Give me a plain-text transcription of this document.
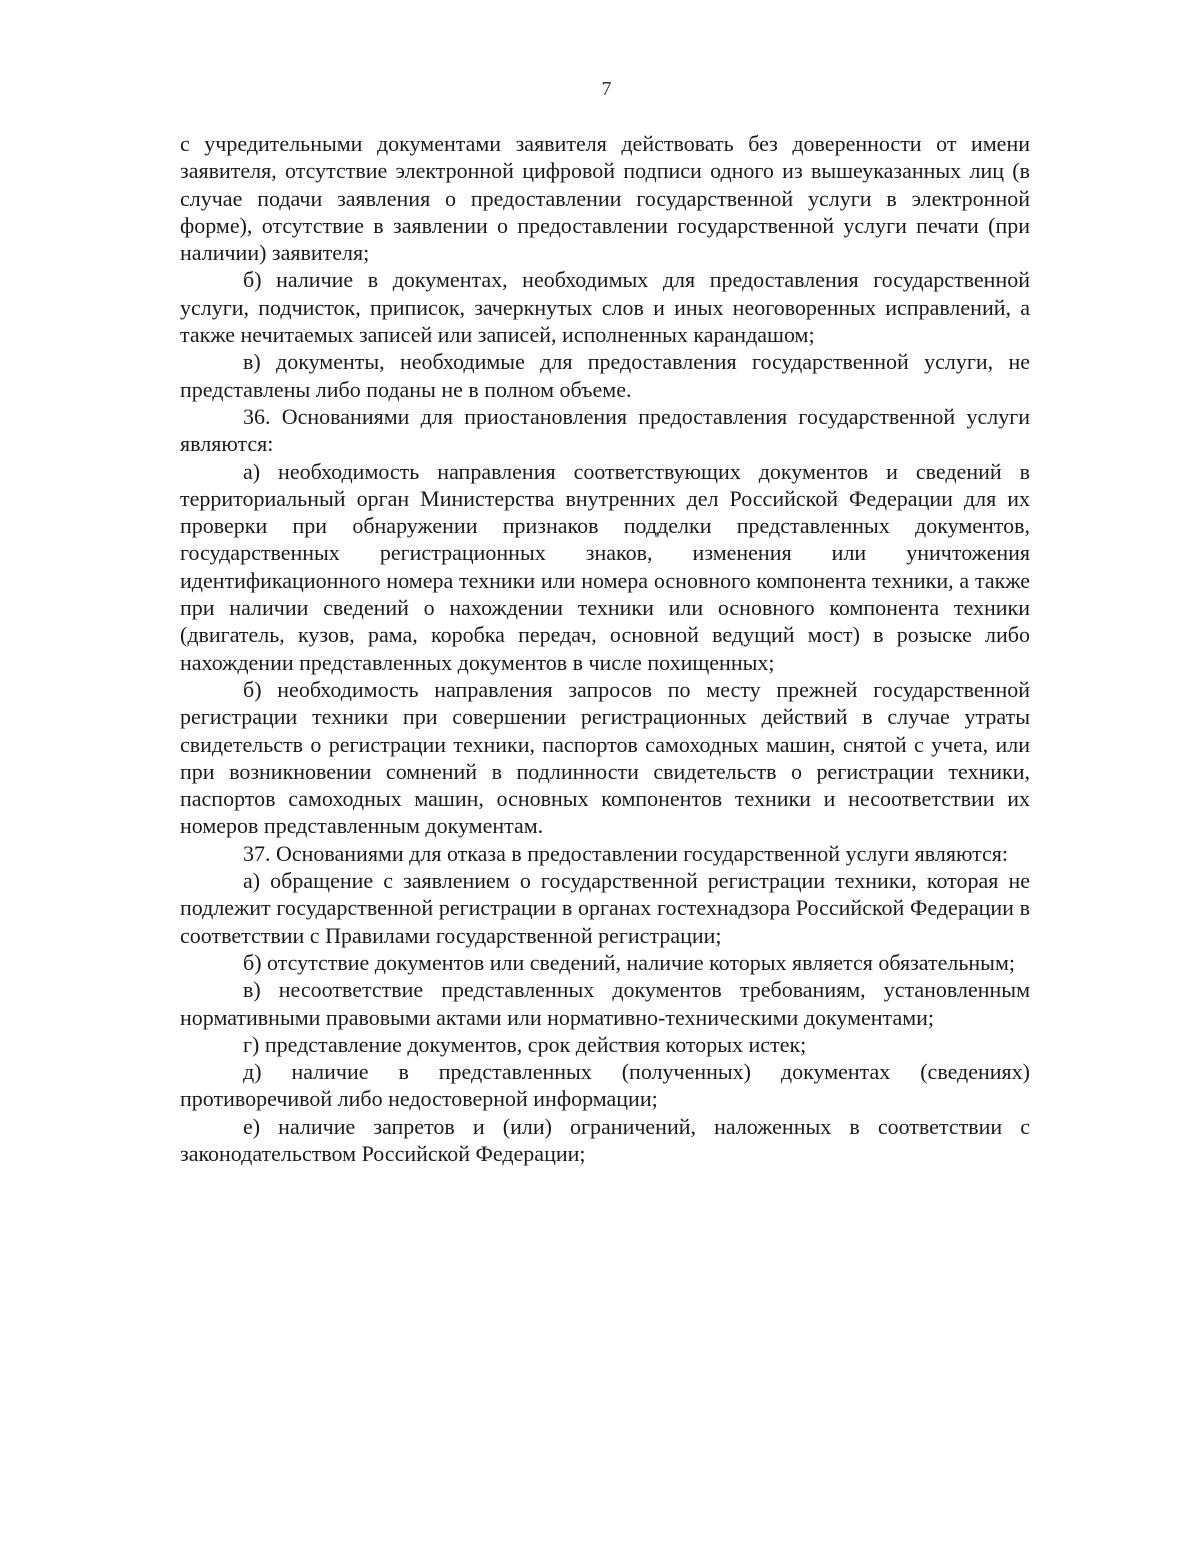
7

с учредительными документами заявителя действовать без доверенности от имени заявителя, отсутствие электронной цифровой подписи одного из вышеуказанных лиц (в случае подачи заявления о предоставлении государственной услуги в электронной форме), отсутствие в заявлении о предоставлении государственной услуги печати (при наличии) заявителя;

б) наличие в документах, необходимых для предоставления государственной услуги, подчисток, приписок, зачеркнутых слов и иных неоговоренных исправлений, а также нечитаемых записей или записей, исполненных карандашом;

в) документы, необходимые для предоставления государственной услуги, не представлены либо поданы не в полном объеме.

36. Основаниями для приостановления предоставления государственной услуги являются:

а) необходимость направления соответствующих документов и сведений в территориальный орган Министерства внутренних дел Российской Федерации для их проверки при обнаружении признаков подделки представленных документов, государственных регистрационных знаков, изменения или уничтожения идентификационного номера техники или номера основного компонента техники, а также при наличии сведений о нахождении техники или основного компонента техники (двигатель, кузов, рама, коробка передач, основной ведущий мост) в розыске либо нахождении представленных документов в числе похищенных;

б) необходимость направления запросов по месту прежней государственной регистрации техники при совершении регистрационных действий в случае утраты свидетельств о регистрации техники, паспортов самоходных машин, снятой с учета, или при возникновении сомнений в подлинности свидетельств о регистрации техники, паспортов самоходных машин, основных компонентов техники и несоответствии их номеров представленным документам.

37. Основаниями для отказа в предоставлении государственной услуги являются:

а) обращение с заявлением о государственной регистрации техники, которая не подлежит государственной регистрации в органах гостехнадзора Российской Федерации в соответствии с Правилами государственной регистрации;

б) отсутствие документов или сведений, наличие которых является обязательным;

в) несоответствие представленных документов требованиям, установленным нормативными правовыми актами или нормативно-техническими документами;

г) представление документов, срок действия которых истек;

д) наличие в представленных (полученных) документах (сведениях) противоречивой либо недостоверной информации;

е) наличие запретов и (или) ограничений, наложенных в соответствии с законодательством Российской Федерации;
